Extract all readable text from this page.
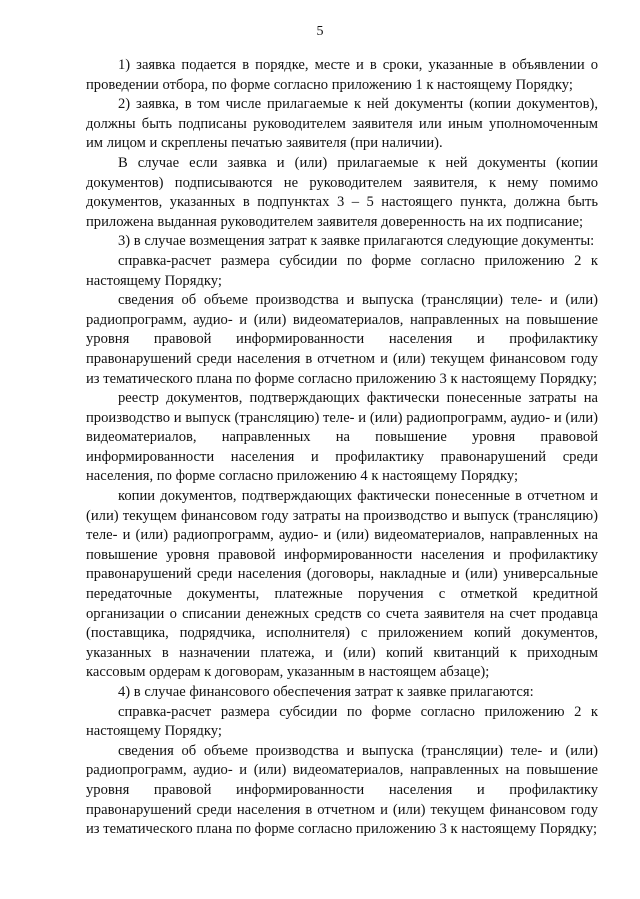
5

1) заявка подается в порядке, месте и в сроки, указанные в объявлении о проведении отбора, по форме согласно приложению 1 к настоящему Порядку;

2) заявка, в том числе прилагаемые к ней документы (копии документов), должны быть подписаны руководителем заявителя или иным уполномоченным им лицом и скреплены печатью заявителя (при наличии).

В случае если заявка и (или) прилагаемые к ней документы (копии документов) подписываются не руководителем заявителя, к нему помимо документов, указанных в подпунктах 3 – 5 настоящего пункта, должна быть приложена выданная руководителем заявителя доверенность на их подписание;

3) в случае возмещения затрат к заявке прилагаются следующие документы:

справка-расчет размера субсидии по форме согласно приложению 2 к настоящему Порядку;

сведения об объеме производства и выпуска (трансляции) теле- и (или) радиопрограмм, аудио- и (или) видеоматериалов, направленных на повышение уровня правовой информированности населения и профилактику правонарушений среди населения в отчетном и (или) текущем финансовом году из тематического плана по форме согласно приложению 3 к настоящему Порядку;

реестр документов, подтверждающих фактически понесенные затраты на производство и выпуск (трансляцию) теле- и (или) радиопрограмм, аудио- и (или) видеоматериалов, направленных на повышение уровня правовой информированности населения и профилактику правонарушений среди населения, по форме согласно приложению 4 к настоящему Порядку;

копии документов, подтверждающих фактически понесенные в отчетном и (или) текущем финансовом году затраты на производство и выпуск (трансляцию) теле- и (или) радиопрограмм, аудио- и (или) видеоматериалов, направленных на повышение уровня правовой информированности населения и профилактику правонарушений среди населения (договоры, накладные и (или) универсальные передаточные документы, платежные поручения с отметкой кредитной организации о списании денежных средств со счета заявителя на счет продавца (поставщика, подрядчика, исполнителя) с приложением копий документов, указанных в назначении платежа, и (или) копий квитанций к приходным кассовым ордерам к договорам, указанным в настоящем абзаце);

4) в случае финансового обеспечения затрат к заявке прилагаются:

справка-расчет размера субсидии по форме согласно приложению 2 к настоящему Порядку;

сведения об объеме производства и выпуска (трансляции) теле- и (или) радиопрограмм, аудио- и (или) видеоматериалов, направленных на повышение уровня правовой информированности населения и профилактику правонарушений среди населения в отчетном и (или) текущем финансовом году из тематического плана по форме согласно приложению 3 к настоящему Порядку;
